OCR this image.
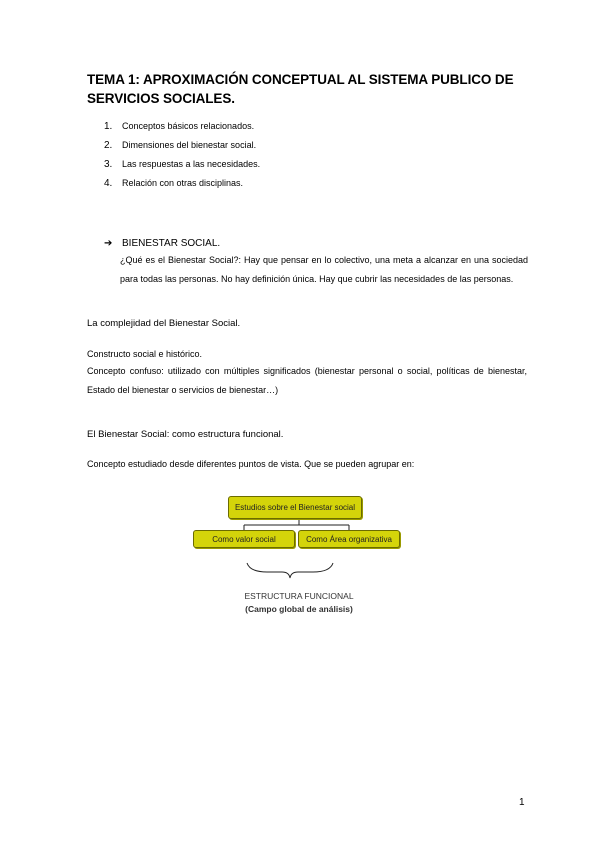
TEMA 1: APROXIMACIÓN CONCEPTUAL AL SISTEMA PUBLICO DE SERVICIOS SOCIALES.
1. Conceptos básicos relacionados.
2. Dimensiones del bienestar social.
3. Las respuestas a las necesidades.
4. Relación con otras disciplinas.
➔ BIENESTAR SOCIAL.
¿Qué es el Bienestar Social?: Hay que pensar en lo colectivo, una meta a alcanzar en una sociedad para todas las personas. No hay definición única. Hay que cubrir las necesidades de las personas.
La complejidad del Bienestar Social.
Constructo social e histórico.
Concepto confuso: utilizado con múltiples significados (bienestar personal o social, políticas de bienestar, Estado del bienestar o servicios de bienestar…)
El Bienestar Social: como estructura funcional.
Concepto estudiado desde diferentes puntos de vista. Que se pueden agrupar en:
Estudios sobre el Bienestar social
Como valor social	Como Área organizativa
ESTRUCTURA FUNCIONAL
(Campo global de análisis)
1
